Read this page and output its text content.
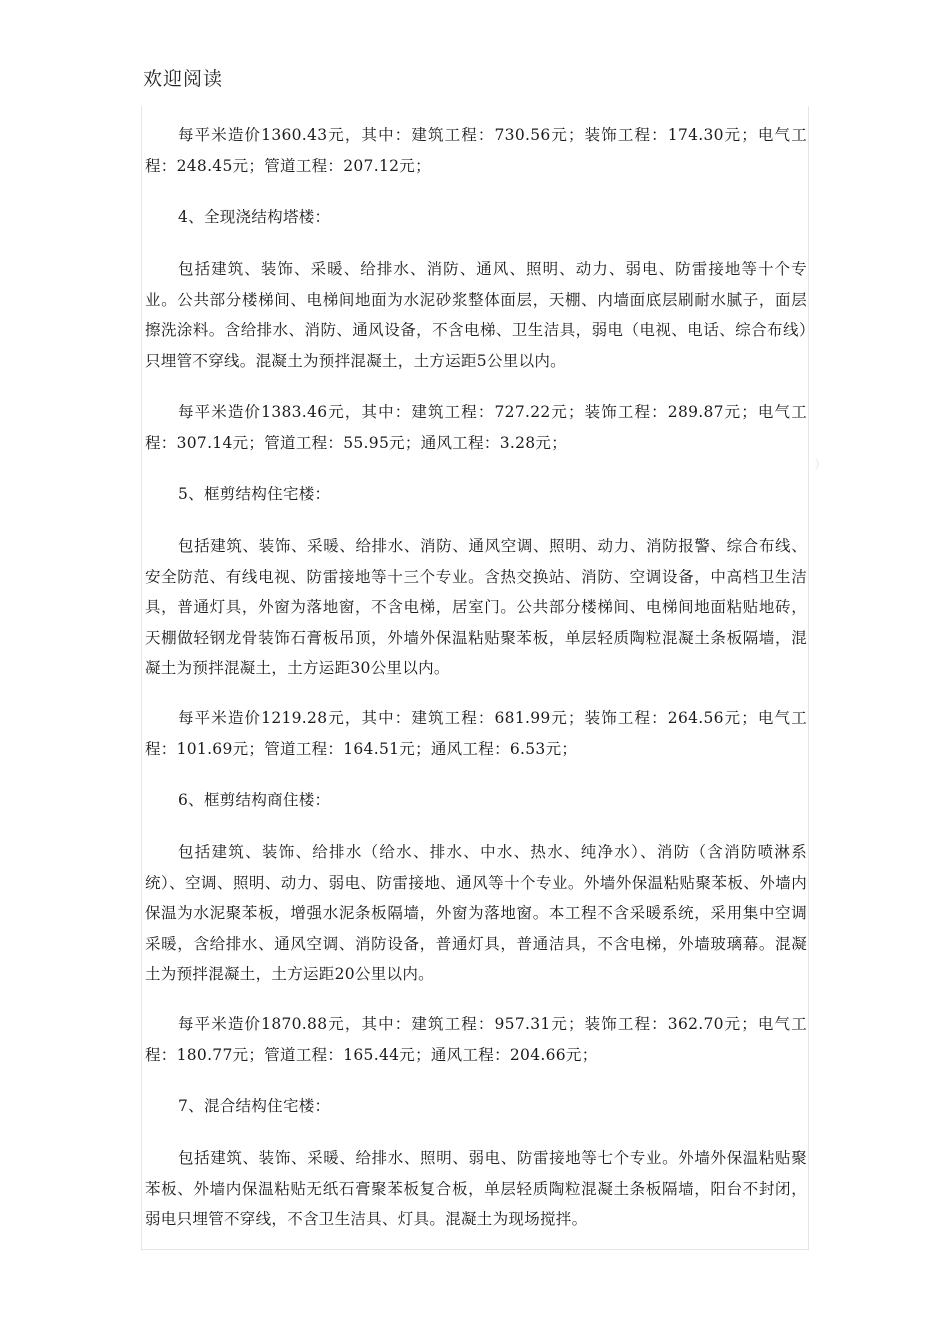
欢迎阅读

每平米造价1360.43元，其中：建筑工程：730.56元；装饰工程：174.30元；电气工程：248.45元；管道工程：207.12元；

4、全现浇结构塔楼：

包括建筑、装饰、采暖、给排水、消防、通风、照明、动力、弱电、防雷接地等十个专业。公共部分楼梯间、电梯间地面为水泥砂浆整体面层，天棚、内墙面底层刷耐水腻子，面层擦洗涂料。含给排水、消防、通风设备，不含电梯、卫生洁具，弱电（电视、电话、综合布线）只埋管不穿线。混凝土为预拌混凝土，土方运距5公里以内。

每平米造价1383.46元，其中：建筑工程：727.22元；装饰工程：289.87元；电气工程：307.14元；管道工程：55.95元；通风工程：3.28元；

5、框剪结构住宅楼：

包括建筑、装饰、采暖、给排水、消防、通风空调、照明、动力、消防报警、综合布线、安全防范、有线电视、防雷接地等十三个专业。含热交换站、消防、空调设备，中高档卫生洁具，普通灯具，外窗为落地窗，不含电梯，居室门。公共部分楼梯间、电梯间地面粘贴地砖，天棚做轻钢龙骨装饰石膏板吊顶，外墙外保温粘贴聚苯板，单层轻质陶粒混凝土条板隔墙，混凝土为预拌混凝土，土方运距30公里以内。

每平米造价1219.28元，其中：建筑工程：681.99元；装饰工程：264.56元；电气工程：101.69元；管道工程：164.51元；通风工程：6.53元；

6、框剪结构商住楼：

包括建筑、装饰、给排水（给水、排水、中水、热水、纯净水）、消防（含消防喷淋系统）、空调、照明、动力、弱电、防雷接地、通风等十个专业。外墙外保温粘贴聚苯板、外墙内保温为水泥聚苯板，增强水泥条板隔墙，外窗为落地窗。本工程不含采暖系统，采用集中空调采暖，含给排水、通风空调、消防设备，普通灯具，普通洁具，不含电梯，外墙玻璃幕。混凝土为预拌混凝土，土方运距20公里以内。

每平米造价1870.88元，其中：建筑工程：957.31元；装饰工程：362.70元；电气工程：180.77元；管道工程：165.44元；通风工程：204.66元；

7、混合结构住宅楼：

包括建筑、装饰、采暖、给排水、照明、弱电、防雷接地等七个专业。外墙外保温粘贴聚苯板、外墙内保温粘贴无纸石膏聚苯板复合板，单层轻质陶粒混凝土条板隔墙，阳台不封闭，弱电只埋管不穿线，不含卫生洁具、灯具。混凝土为现场搅拌。
